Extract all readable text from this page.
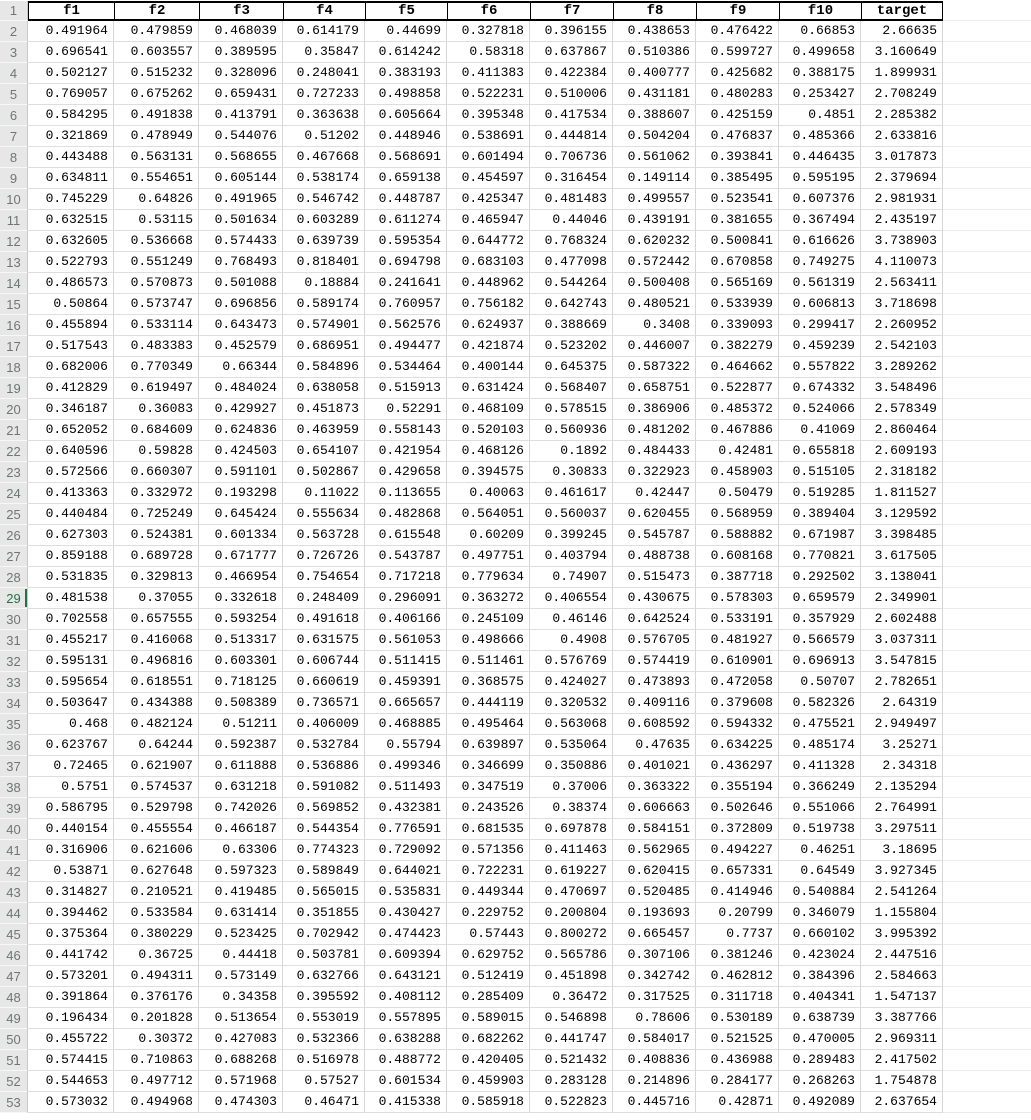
1	f1	f2	f3	f4	f5	f6	f7	f8	f9	f10	target
2	0.491964	0.479859	0.468039	0.614179	0.44699	0.327818	0.396155	0.438653	0.476422	0.66853	2.66635
3	0.696541	0.603557	0.389595	0.35847	0.614242	0.58318	0.637867	0.510386	0.599727	0.499658	3.160649
4	0.502127	0.515232	0.328096	0.248041	0.383193	0.411383	0.422384	0.400777	0.425682	0.388175	1.899931
5	0.769057	0.675262	0.659431	0.727233	0.498858	0.522231	0.510006	0.431181	0.480283	0.253427	2.708249
6	0.584295	0.491838	0.413791	0.363638	0.605664	0.395348	0.417534	0.388607	0.425159	0.4851	2.285382
7	0.321869	0.478949	0.544076	0.51202	0.448946	0.538691	0.444814	0.504204	0.476837	0.485366	2.633816
8	0.443488	0.563131	0.568655	0.467668	0.568691	0.601494	0.706736	0.561062	0.393841	0.446435	3.017873
9	0.634811	0.554651	0.605144	0.538174	0.659138	0.454597	0.316454	0.149114	0.385495	0.595195	2.379694
10	0.745229	0.64826	0.491965	0.546742	0.448787	0.425347	0.481483	0.499557	0.523541	0.607376	2.981931
11	0.632515	0.53115	0.501634	0.603289	0.611274	0.465947	0.44046	0.439191	0.381655	0.367494	2.435197
12	0.632605	0.536668	0.574433	0.639739	0.595354	0.644772	0.768324	0.620232	0.500841	0.616626	3.738903
13	0.522793	0.551249	0.768493	0.818401	0.694798	0.683103	0.477098	0.572442	0.670858	0.749275	4.110073
14	0.486573	0.570873	0.501088	0.18884	0.241641	0.448962	0.544264	0.500408	0.565169	0.561319	2.563411
15	0.50864	0.573747	0.696856	0.589174	0.760957	0.756182	0.642743	0.480521	0.533939	0.606813	3.718698
16	0.455894	0.533114	0.643473	0.574901	0.562576	0.624937	0.388669	0.3408	0.339093	0.299417	2.260952
17	0.517543	0.483383	0.452579	0.686951	0.494477	0.421874	0.523202	0.446007	0.382279	0.459239	2.542103
18	0.682006	0.770349	0.66344	0.584896	0.534464	0.400144	0.645375	0.587322	0.464662	0.557822	3.289262
19	0.412829	0.619497	0.484024	0.638058	0.515913	0.631424	0.568407	0.658751	0.522877	0.674332	3.548496
20	0.346187	0.36083	0.429927	0.451873	0.52291	0.468109	0.578515	0.386906	0.485372	0.524066	2.578349
21	0.652052	0.684609	0.624836	0.463959	0.558143	0.520103	0.560936	0.481202	0.467886	0.41069	2.860464
22	0.640596	0.59828	0.424503	0.654107	0.421954	0.468126	0.1892	0.484433	0.42481	0.655818	2.609193
23	0.572566	0.660307	0.591101	0.502867	0.429658	0.394575	0.30833	0.322923	0.458903	0.515105	2.318182
24	0.413363	0.332972	0.193298	0.11022	0.113655	0.40063	0.461617	0.42447	0.50479	0.519285	1.811527
25	0.440484	0.725249	0.645424	0.555634	0.482868	0.564051	0.560037	0.620455	0.568959	0.389404	3.129592
26	0.627303	0.524381	0.601334	0.563728	0.615548	0.60209	0.399245	0.545787	0.588882	0.671987	3.398485
27	0.859188	0.689728	0.671777	0.726726	0.543787	0.497751	0.403794	0.488738	0.608168	0.770821	3.617505
28	0.531835	0.329813	0.466954	0.754654	0.717218	0.779634	0.74907	0.515473	0.387718	0.292502	3.138041
29	0.481538	0.37055	0.332618	0.248409	0.296091	0.363272	0.406554	0.430675	0.578303	0.659579	2.349901
30	0.702558	0.657555	0.593254	0.491618	0.406166	0.245109	0.46146	0.642524	0.533191	0.357929	2.602488
31	0.455217	0.416068	0.513317	0.631575	0.561053	0.498666	0.4908	0.576705	0.481927	0.566579	3.037311
32	0.595131	0.496816	0.603301	0.606744	0.511415	0.511461	0.576769	0.574419	0.610901	0.696913	3.547815
33	0.595654	0.618551	0.718125	0.660619	0.459391	0.368575	0.424027	0.473893	0.472058	0.50707	2.782651
34	0.503647	0.434388	0.508389	0.736571	0.665657	0.444119	0.320532	0.409116	0.379608	0.582326	2.64319
35	0.468	0.482124	0.51211	0.406009	0.468885	0.495464	0.563068	0.608592	0.594332	0.475521	2.949497
36	0.623767	0.64244	0.592387	0.532784	0.55794	0.639897	0.535064	0.47635	0.634225	0.485174	3.25271
37	0.72465	0.621907	0.611888	0.536886	0.499346	0.346699	0.350886	0.401021	0.436297	0.411328	2.34318
38	0.5751	0.574537	0.631218	0.591082	0.511493	0.347519	0.37006	0.363322	0.355194	0.366249	2.135294
39	0.586795	0.529798	0.742026	0.569852	0.432381	0.243526	0.38374	0.606663	0.502646	0.551066	2.764991
40	0.440154	0.455554	0.466187	0.544354	0.776591	0.681535	0.697878	0.584151	0.372809	0.519738	3.297511
41	0.316906	0.621606	0.63306	0.774323	0.729092	0.571356	0.411463	0.562965	0.494227	0.46251	3.18695
42	0.53871	0.627648	0.597323	0.589849	0.644021	0.722231	0.619227	0.620415	0.657331	0.64549	3.927345
43	0.314827	0.210521	0.419485	0.565015	0.535831	0.449344	0.470697	0.520485	0.414946	0.540884	2.541264
44	0.394462	0.533584	0.631414	0.351855	0.430427	0.229752	0.200804	0.193693	0.20799	0.346079	1.155804
45	0.375364	0.380229	0.523425	0.702942	0.474423	0.57443	0.800272	0.665457	0.7737	0.660102	3.995392
46	0.441742	0.36725	0.44418	0.503781	0.609394	0.629752	0.565786	0.307106	0.381246	0.423024	2.447516
47	0.573201	0.494311	0.573149	0.632766	0.643121	0.512419	0.451898	0.342742	0.462812	0.384396	2.584663
48	0.391864	0.376176	0.34358	0.395592	0.408112	0.285409	0.36472	0.317525	0.311718	0.404341	1.547137
49	0.196434	0.201828	0.513654	0.553019	0.557895	0.589015	0.546898	0.78606	0.530189	0.638739	3.387766
50	0.455722	0.30372	0.427083	0.532366	0.638288	0.682262	0.441747	0.584017	0.521525	0.470005	2.969311
51	0.574415	0.710863	0.688268	0.516978	0.488772	0.420405	0.521432	0.408836	0.436988	0.289483	2.417502
52	0.544653	0.497712	0.571968	0.57527	0.601534	0.459903	0.283128	0.214896	0.284177	0.268263	1.754878
53	0.573032	0.494968	0.474303	0.46471	0.415338	0.585918	0.522823	0.445716	0.42871	0.492089	2.637654
